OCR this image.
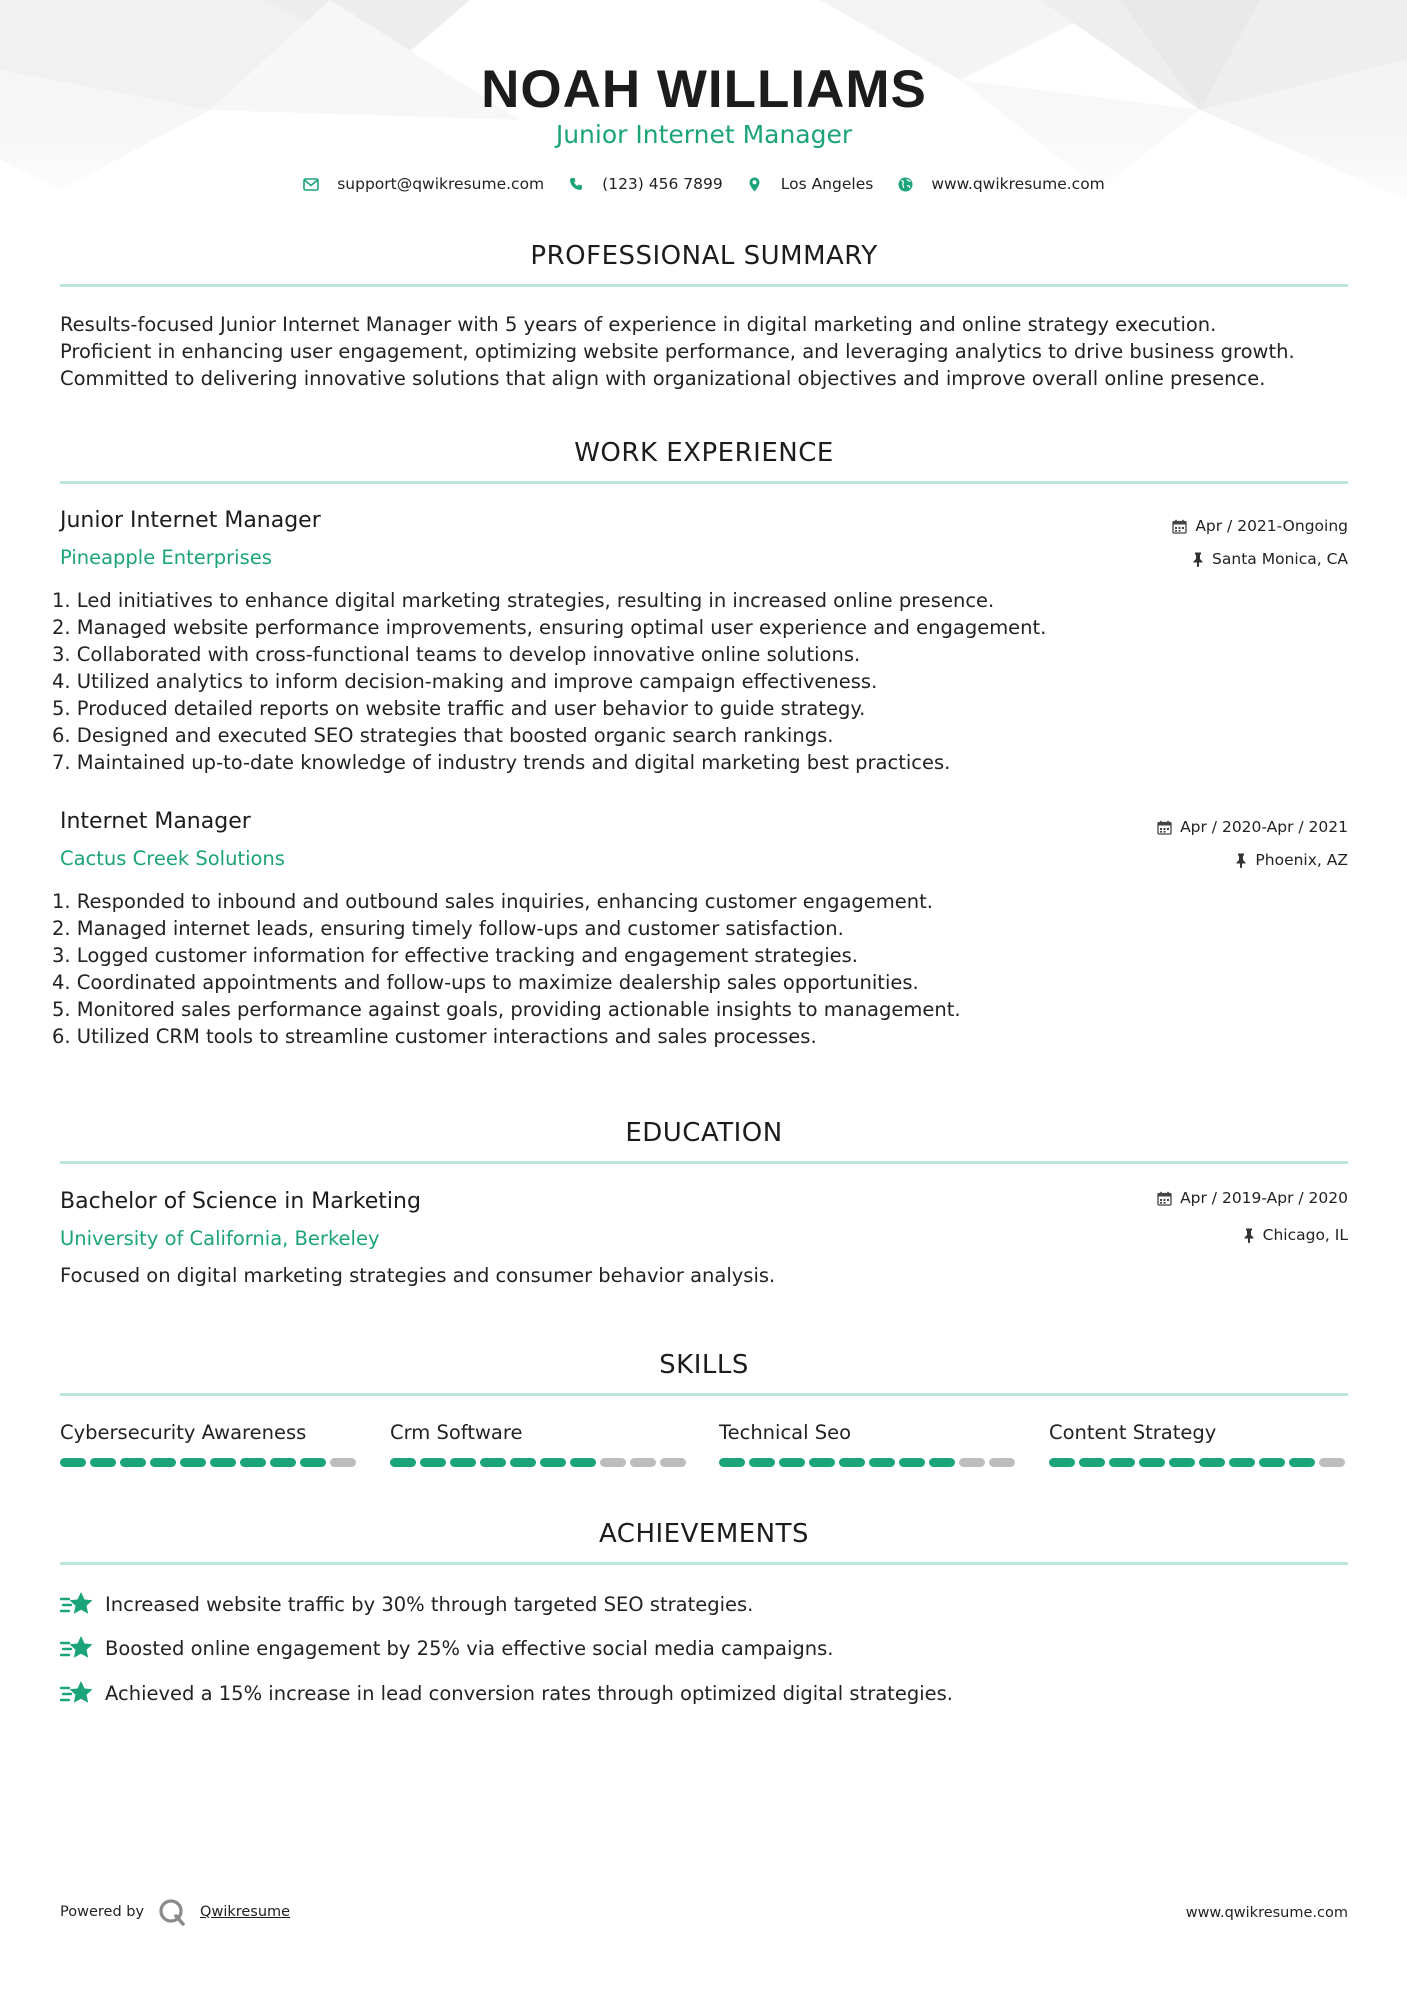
NOAH WILLIAMS
Junior Internet Manager
support@qwikresume.com	(123) 456 7899	Los Angeles	www.qwikresume.com
PROFESSIONAL SUMMARY
Results-focused Junior Internet Manager with 5 years of experience in digital marketing and online strategy execution.
Proficient in enhancing user engagement, optimizing website performance, and leveraging analytics to drive business growth.
Committed to delivering innovative solutions that align with organizational objectives and improve overall online presence.
WORK EXPERIENCE
Junior Internet Manager	Apr / 2021-Ongoing
Pineapple Enterprises	Santa Monica, CA
1. Led initiatives to enhance digital marketing strategies, resulting in increased online presence.
2. Managed website performance improvements, ensuring optimal user experience and engagement.
3. Collaborated with cross-functional teams to develop innovative online solutions.
4. Utilized analytics to inform decision-making and improve campaign effectiveness.
5. Produced detailed reports on website traffic and user behavior to guide strategy.
6. Designed and executed SEO strategies that boosted organic search rankings.
7. Maintained up-to-date knowledge of industry trends and digital marketing best practices.
Internet Manager	Apr / 2020-Apr / 2021
Cactus Creek Solutions	Phoenix, AZ
1. Responded to inbound and outbound sales inquiries, enhancing customer engagement.
2. Managed internet leads, ensuring timely follow-ups and customer satisfaction.
3. Logged customer information for effective tracking and engagement strategies.
4. Coordinated appointments and follow-ups to maximize dealership sales opportunities.
5. Monitored sales performance against goals, providing actionable insights to management.
6. Utilized CRM tools to streamline customer interactions and sales processes.
EDUCATION
Bachelor of Science in Marketing	Apr / 2019-Apr / 2020
University of California, Berkeley	Chicago, IL
Focused on digital marketing strategies and consumer behavior analysis.
SKILLS
Cybersecurity Awareness	Crm Software	Technical Seo	Content Strategy
ACHIEVEMENTS
Increased website traffic by 30% through targeted SEO strategies.
Boosted online engagement by 25% via effective social media campaigns.
Achieved a 15% increase in lead conversion rates through optimized digital strategies.
Powered by	Qwikresume	www.qwikresume.com
